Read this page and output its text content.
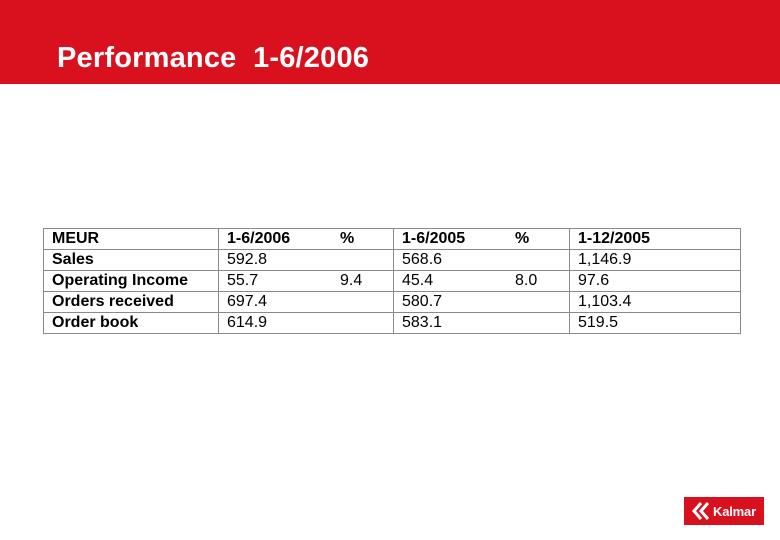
Performance  1-6/2006
MEUR	1-6/2006	%	1-6/2005	%	1-12/2005
Sales	592.8		568.6		1,146.9
Operating Income	55.7	9.4	45.4	8.0	97.6
Orders received	697.4		580.7		1,103.4
Order book	614.9		583.1		519.5
Kalmar
